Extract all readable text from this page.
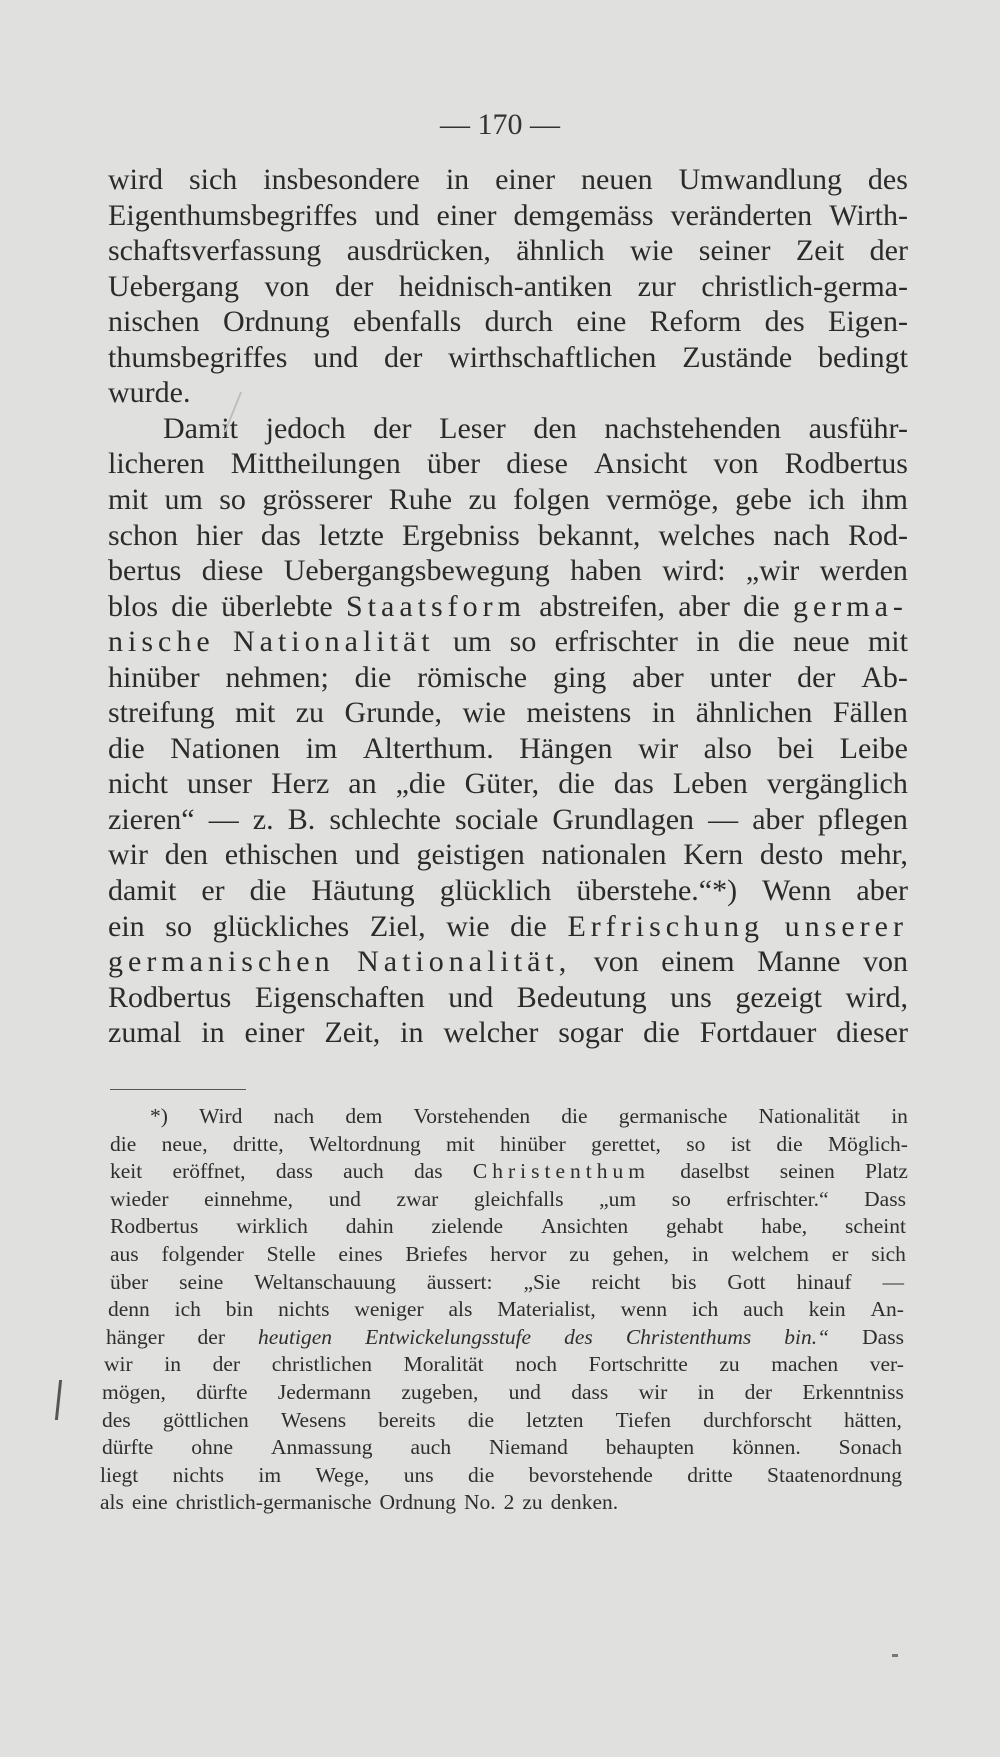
— 170 —
wird sich insbesondere in einer neuen Umwandlung des
Eigenthumsbegriffes und einer demgemäss veränderten Wirth-
schaftsverfassung ausdrücken, ähnlich wie seiner Zeit der
Uebergang von der heidnisch-antiken zur christlich-germa-
nischen Ordnung ebenfalls durch eine Reform des Eigen-
thumsbegriffes und der wirthschaftlichen Zustände bedingt
wurde.
Damit jedoch der Leser den nachstehenden ausführ-
licheren Mittheilungen über diese Ansicht von Rodbertus
mit um so grösserer Ruhe zu folgen vermöge, gebe ich ihm
schon hier das letzte Ergebniss bekannt, welches nach Rod-
bertus diese Uebergangsbewegung haben wird: „wir werden
blos die überlebte Staatsform abstreifen, aber die germa-
nische Nationalität um so erfrischter in die neue mit
hinüber nehmen; die römische ging aber unter der Ab-
streifung mit zu Grunde, wie meistens in ähnlichen Fällen
die Nationen im Alterthum. Hängen wir also bei Leibe
nicht unser Herz an „die Güter, die das Leben vergänglich
zieren“ — z. B. schlechte sociale Grundlagen — aber pflegen
wir den ethischen und geistigen nationalen Kern desto mehr,
damit er die Häutung glücklich überstehe.“*) Wenn aber
ein so glückliches Ziel, wie die Erfrischung unserer
germanischen Nationalität, von einem Manne von
Rodbertus Eigenschaften und Bedeutung uns gezeigt wird,
zumal in einer Zeit, in welcher sogar die Fortdauer dieser
*) Wird nach dem Vorstehenden die germanische Nationalität in
die neue, dritte, Weltordnung mit hinüber gerettet, so ist die Möglich-
keit eröffnet, dass auch das Christenthum daselbst seinen Platz
wieder einnehme, und zwar gleichfalls „um so erfrischter.“ Dass
Rodbertus wirklich dahin zielende Ansichten gehabt habe, scheint
aus folgender Stelle eines Briefes hervor zu gehen, in welchem er sich
über seine Weltanschauung äussert: „Sie reicht bis Gott hinauf —
denn ich bin nichts weniger als Materialist, wenn ich auch kein An-
hänger der heutigen Entwickelungsstufe des Christenthums bin.“ Dass
wir in der christlichen Moralität noch Fortschritte zu machen ver-
mögen, dürfte Jedermann zugeben, und dass wir in der Erkenntniss
des göttlichen Wesens bereits die letzten Tiefen durchforscht hätten,
dürfte ohne Anmassung auch Niemand behaupten können. Sonach
liegt nichts im Wege, uns die bevorstehende dritte Staatenordnung
als eine christlich-germanische Ordnung No. 2 zu denken.
